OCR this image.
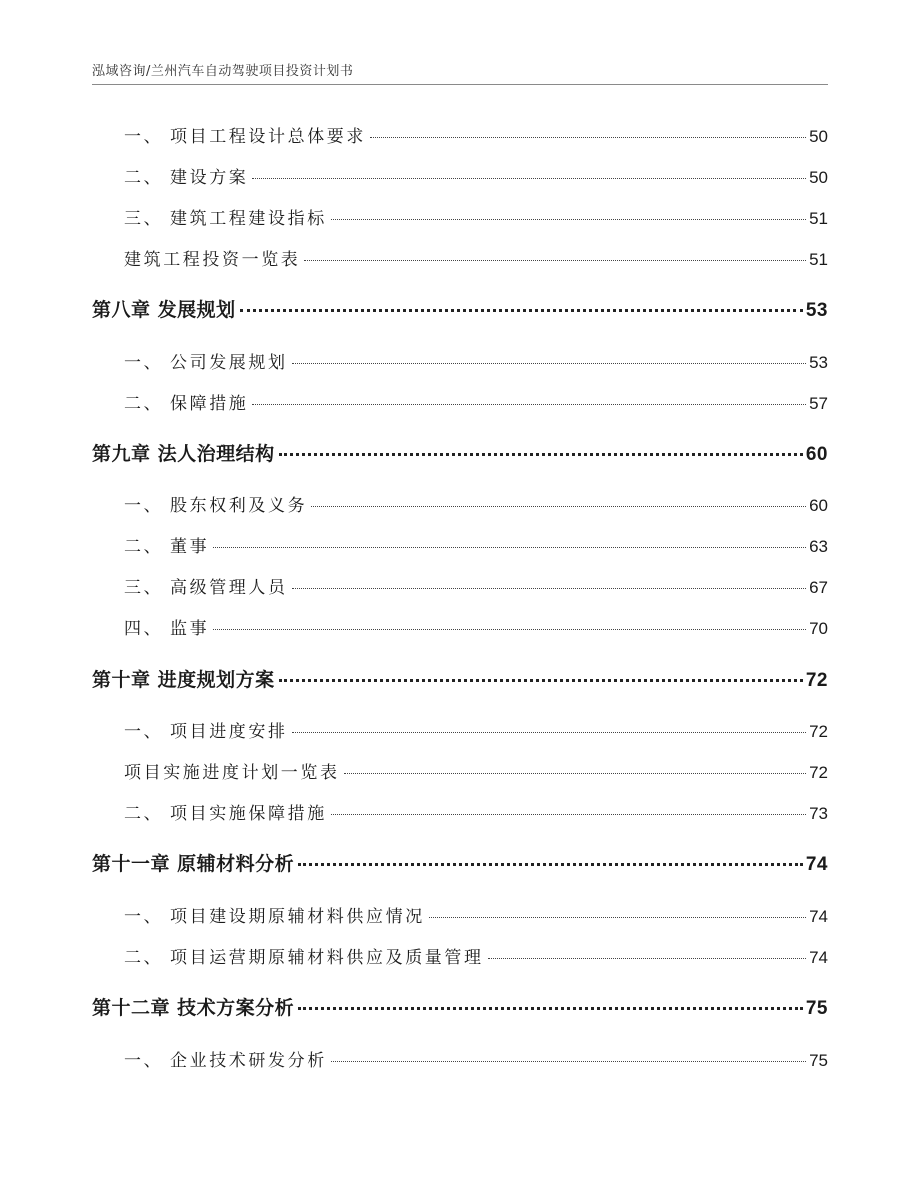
泓域咨询/兰州汽车自动驾驶项目投资计划书
一、 项目工程设计总体要求	50
二、 建设方案	50
三、 建筑工程建设指标	51
建筑工程投资一览表	51
第八章 发展规划	53
一、 公司发展规划	53
二、 保障措施	57
第九章 法人治理结构	60
一、 股东权利及义务	60
二、 董事	63
三、 高级管理人员	67
四、 监事	70
第十章 进度规划方案	72
一、 项目进度安排	72
项目实施进度计划一览表	72
二、 项目实施保障措施	73
第十一章 原辅材料分析	74
一、 项目建设期原辅材料供应情况	74
二、 项目运营期原辅材料供应及质量管理	74
第十二章 技术方案分析	75
一、 企业技术研发分析	75
